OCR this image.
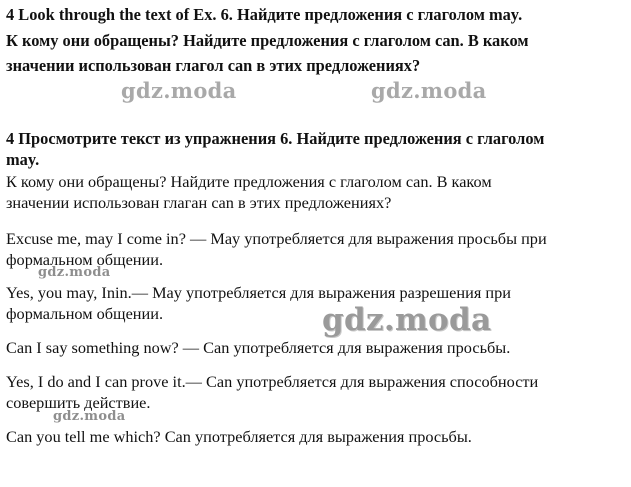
4 Look through the text of Ex. 6. Найдите предложения с глаголом may.

К кому они обращены? Найдите предложения с глаголом can. В каком

значении использован глагол can в этих предложениях?

4 Просмотрите текст из упражнения 6. Найдите предложения с глаголом

may.

К кому они обращены? Найдите предложения с глаголом can. В каком

значении использован глаган can в этих предложениях?

Excuse me, may I come in? — May употребляется для выражения просьбы при

формальном общении.

Yes, you may, Inin.— May употребляется для выражения разрешения при

формальном общении.

Can I say something now? — Can употребляется для выражения просьбы.

Yes, I do and I can prove it.— Can употребляется для выражения способности

совершить действие.

Can you tell me which? Can употребляется для выражения просьбы.

gdz.moda	gdz.moda
gdz.moda
gdz.moda
gdz.moda
